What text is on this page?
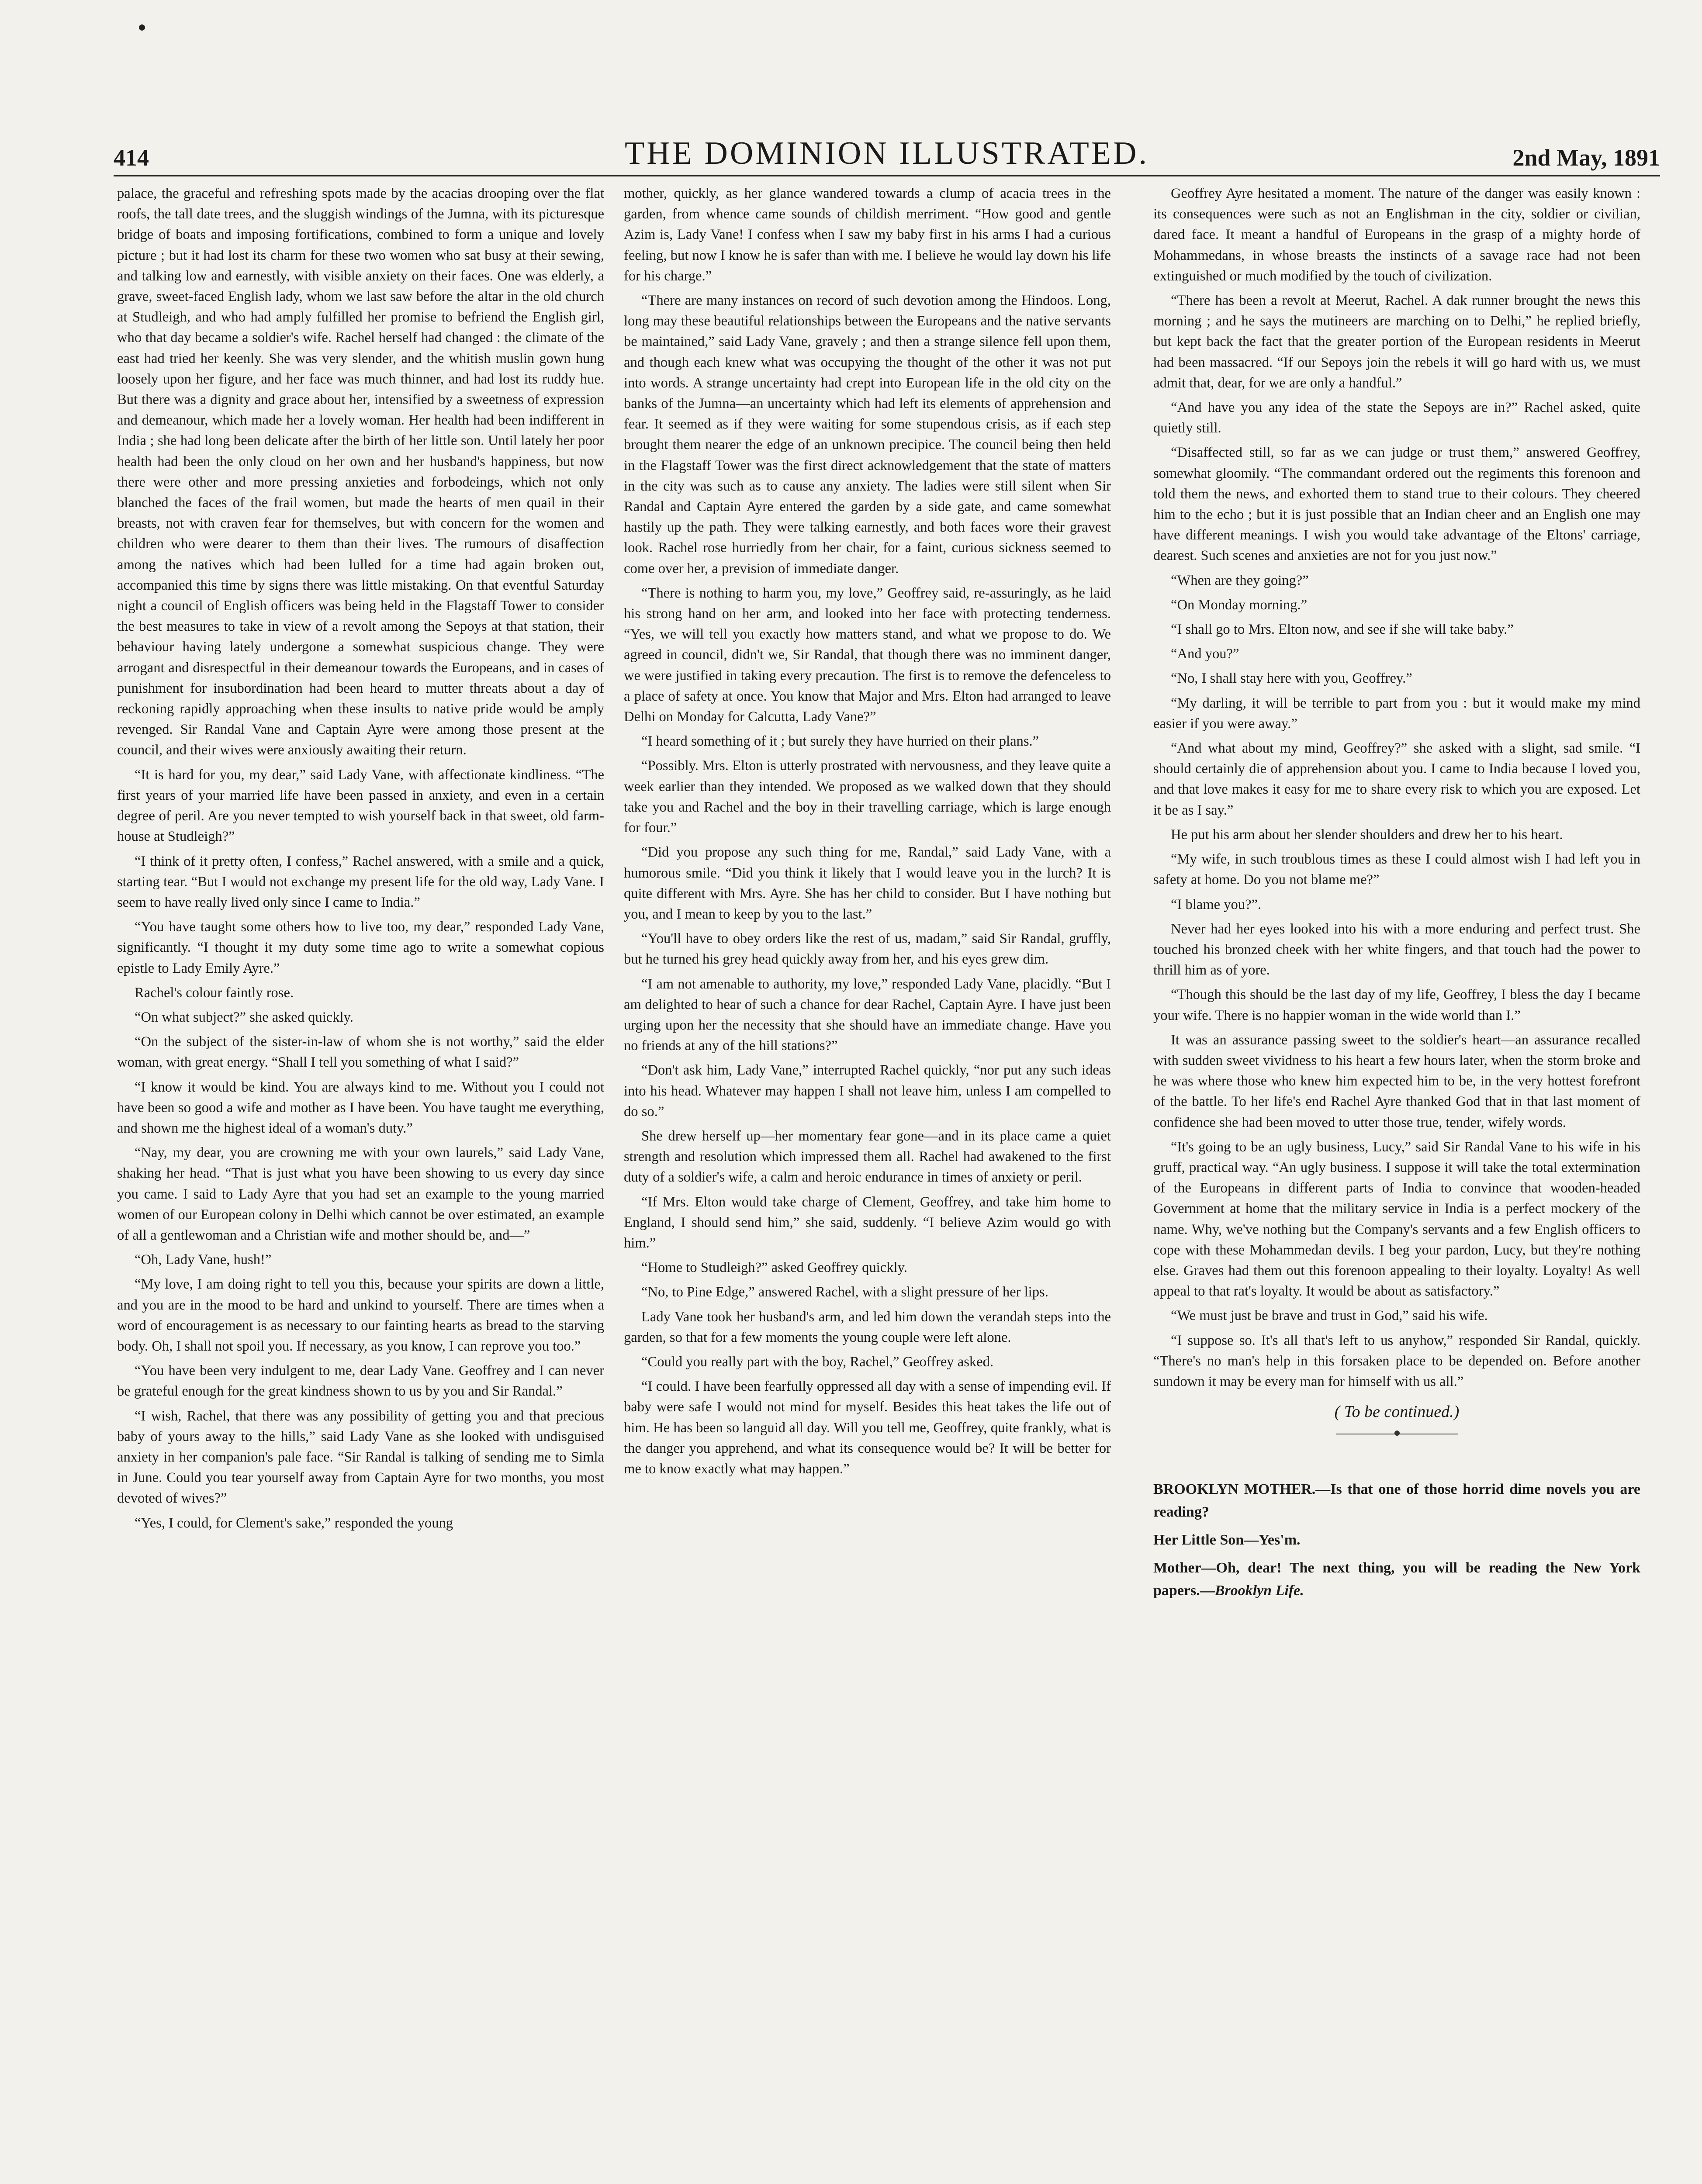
414	THE DOMINION ILLUSTRATED.	2nd May, 1891

palace, the graceful and refreshing spots made by the acacias drooping over the flat roofs, the tall date trees, and the sluggish windings of the Jumna, with its picturesque bridge of boats and imposing fortifications, combined to form a unique and lovely picture ; but it had lost its charm for these two women who sat busy at their sewing, and talking low and earnestly, with visible anxiety on their faces. One was elderly, a grave, sweet-faced English lady, whom we last saw before the altar in the old church at Studleigh, and who had amply fulfilled her promise to befriend the English girl, who that day became a soldier's wife. Rachel herself had changed : the climate of the east had tried her keenly. She was very slender, and the whitish muslin gown hung loosely upon her figure, and her face was much thinner, and had lost its ruddy hue. But there was a dignity and grace about her, intensified by a sweetness of expression and demeanour, which made her a lovely woman. Her health had been indifferent in India ; she had long been delicate after the birth of her little son. Until lately her poor health had been the only cloud on her own and her husband's happiness, but now there were other and more pressing anxieties and forbodeings, which not only blanched the faces of the frail women, but made the hearts of men quail in their breasts, not with craven fear for themselves, but with concern for the women and children who were dearer to them than their lives. The rumours of disaffection among the natives which had been lulled for a time had again broken out, accompanied this time by signs there was little mistaking. On that eventful Saturday night a council of English officers was being held in the Flagstaff Tower to consider the best measures to take in view of a revolt among the Sepoys at that station, their behaviour having lately undergone a somewhat suspicious change. They were arrogant and disrespectful in their demeanour towards the Europeans, and in cases of punishment for insubordination had been heard to mutter threats about a day of reckoning rapidly approaching when these insults to native pride would be amply revenged. Sir Randal Vane and Captain Ayre were among those present at the council, and their wives were anxiously awaiting their return.

“It is hard for you, my dear,” said Lady Vane, with affectionate kindliness. “The first years of your married life have been passed in anxiety, and even in a certain degree of peril. Are you never tempted to wish yourself back in that sweet, old farm-house at Studleigh?”

“I think of it pretty often, I confess,” Rachel answered, with a smile and a quick, starting tear. “But I would not exchange my present life for the old way, Lady Vane. I seem to have really lived only since I came to India.”

“You have taught some others how to live too, my dear,” responded Lady Vane, significantly. “I thought it my duty some time ago to write a somewhat copious epistle to Lady Emily Ayre.”

Rachel's colour faintly rose.

“On what subject?” she asked quickly.

“On the subject of the sister-in-law of whom she is not worthy,” said the elder woman, with great energy. “Shall I tell you something of what I said?”

“I know it would be kind. You are always kind to me. Without you I could not have been so good a wife and mother as I have been. You have taught me everything, and shown me the highest ideal of a woman's duty.”

“Nay, my dear, you are crowning me with your own laurels,” said Lady Vane, shaking her head. “That is just what you have been showing to us every day since you came. I said to Lady Ayre that you had set an example to the young married women of our European colony in Delhi which cannot be over estimated, an example of all a gentlewoman and a Christian wife and mother should be, and—”

“Oh, Lady Vane, hush!”

“My love, I am doing right to tell you this, because your spirits are down a little, and you are in the mood to be hard and unkind to yourself. There are times when a word of encouragement is as necessary to our fainting hearts as bread to the starving body. Oh, I shall not spoil you. If necessary, as you know, I can reprove you too.”

“You have been very indulgent to me, dear Lady Vane. Geoffrey and I can never be grateful enough for the great kindness shown to us by you and Sir Randal.”

“I wish, Rachel, that there was any possibility of getting you and that precious baby of yours away to the hills,” said Lady Vane as she looked with undisguised anxiety in her companion's pale face. “Sir Randal is talking of sending me to Simla in June. Could you tear yourself away from Captain Ayre for two months, you most devoted of wives?”

“Yes, I could, for Clement's sake,” responded the young

mother, quickly, as her glance wandered towards a clump of acacia trees in the garden, from whence came sounds of childish merriment. “How good and gentle Azim is, Lady Vane! I confess when I saw my baby first in his arms I had a curious feeling, but now I know he is safer than with me. I believe he would lay down his life for his charge.”

“There are many instances on record of such devotion among the Hindoos. Long, long may these beautiful relationships between the Europeans and the native servants be maintained,” said Lady Vane, gravely ; and then a strange silence fell upon them, and though each knew what was occupying the thought of the other it was not put into words. A strange uncertainty had crept into European life in the old city on the banks of the Jumna—an uncertainty which had left its elements of apprehension and fear. It seemed as if they were waiting for some stupendous crisis, as if each step brought them nearer the edge of an unknown precipice. The council being then held in the Flagstaff Tower was the first direct acknowledgement that the state of matters in the city was such as to cause any anxiety. The ladies were still silent when Sir Randal and Captain Ayre entered the garden by a side gate, and came somewhat hastily up the path. They were talking earnestly, and both faces wore their gravest look. Rachel rose hurriedly from her chair, for a faint, curious sickness seemed to come over her, a prevision of immediate danger.

“There is nothing to harm you, my love,” Geoffrey said, re-assuringly, as he laid his strong hand on her arm, and looked into her face with protecting tenderness. “Yes, we will tell you exactly how matters stand, and what we propose to do. We agreed in council, didn't we, Sir Randal, that though there was no imminent danger, we were justified in taking every precaution. The first is to remove the defenceless to a place of safety at once. You know that Major and Mrs. Elton had arranged to leave Delhi on Monday for Calcutta, Lady Vane?”

“I heard something of it ; but surely they have hurried on their plans.”

“Possibly. Mrs. Elton is utterly prostrated with nervousness, and they leave quite a week earlier than they intended. We proposed as we walked down that they should take you and Rachel and the boy in their travelling carriage, which is large enough for four.”

“Did you propose any such thing for me, Randal,” said Lady Vane, with a humorous smile. “Did you think it likely that I would leave you in the lurch? It is quite different with Mrs. Ayre. She has her child to consider. But I have nothing but you, and I mean to keep by you to the last.”

“You'll have to obey orders like the rest of us, madam,” said Sir Randal, gruffly, but he turned his grey head quickly away from her, and his eyes grew dim.

“I am not amenable to authority, my love,” responded Lady Vane, placidly. “But I am delighted to hear of such a chance for dear Rachel, Captain Ayre. I have just been urging upon her the necessity that she should have an immediate change. Have you no friends at any of the hill stations?”

“Don't ask him, Lady Vane,” interrupted Rachel quickly, “nor put any such ideas into his head. Whatever may happen I shall not leave him, unless I am compelled to do so.”

She drew herself up—her momentary fear gone—and in its place came a quiet strength and resolution which impressed them all. Rachel had awakened to the first duty of a soldier's wife, a calm and heroic endurance in times of anxiety or peril.

“If Mrs. Elton would take charge of Clement, Geoffrey, and take him home to England, I should send him,” she said, suddenly. “I believe Azim would go with him.”

“Home to Studleigh?” asked Geoffrey quickly.

“No, to Pine Edge,” answered Rachel, with a slight pressure of her lips.

Lady Vane took her husband's arm, and led him down the verandah steps into the garden, so that for a few moments the young couple were left alone.

“Could you really part with the boy, Rachel,” Geoffrey asked.

“I could. I have been fearfully oppressed all day with a sense of impending evil. If baby were safe I would not mind for myself. Besides this heat takes the life out of him. He has been so languid all day. Will you tell me, Geoffrey, quite frankly, what is the danger you apprehend, and what its consequence would be? It will be better for me to know exactly what may happen.”

Geoffrey Ayre hesitated a moment. The nature of the danger was easily known : its consequences were such as not an Englishman in the city, soldier or civilian, dared face. It meant a handful of Europeans in the grasp of a mighty horde of Mohammedans, in whose breasts the instincts of a savage race had not been extinguished or much modified by the touch of civilization.

“There has been a revolt at Meerut, Rachel. A dak runner brought the news this morning ; and he says the mutineers are marching on to Delhi,” he replied briefly, but kept back the fact that the greater portion of the European residents in Meerut had been massacred. “If our Sepoys join the rebels it will go hard with us, we must admit that, dear, for we are only a handful.”

“And have you any idea of the state the Sepoys are in?” Rachel asked, quite quietly still.

“Disaffected still, so far as we can judge or trust them,” answered Geoffrey, somewhat gloomily. “The commandant ordered out the regiments this forenoon and told them the news, and exhorted them to stand true to their colours. They cheered him to the echo ; but it is just possible that an Indian cheer and an English one may have different meanings. I wish you would take advantage of the Eltons' carriage, dearest. Such scenes and anxieties are not for you just now.”

“When are they going?”

“On Monday morning.”

“I shall go to Mrs. Elton now, and see if she will take baby.”

“And you?”

“No, I shall stay here with you, Geoffrey.”

“My darling, it will be terrible to part from you : but it would make my mind easier if you were away.”

“And what about my mind, Geoffrey?” she asked with a slight, sad smile. “I should certainly die of apprehension about you. I came to India because I loved you, and that love makes it easy for me to share every risk to which you are exposed. Let it be as I say.”

He put his arm about her slender shoulders and drew her to his heart.

“My wife, in such troublous times as these I could almost wish I had left you in safety at home. Do you not blame me?”

“I blame you?”.

Never had her eyes looked into his with a more enduring and perfect trust. She touched his bronzed cheek with her white fingers, and that touch had the power to thrill him as of yore.

“Though this should be the last day of my life, Geoffrey, I bless the day I became your wife. There is no happier woman in the wide world than I.”

It was an assurance passing sweet to the soldier's heart—an assurance recalled with sudden sweet vividness to his heart a few hours later, when the storm broke and he was where those who knew him expected him to be, in the very hottest forefront of the battle. To her life's end Rachel Ayre thanked God that in that last moment of confidence she had been moved to utter those true, tender, wifely words.

“It's going to be an ugly business, Lucy,” said Sir Randal Vane to his wife in his gruff, practical way. “An ugly business. I suppose it will take the total extermination of the Europeans in different parts of India to convince that wooden-headed Government at home that the military service in India is a perfect mockery of the name. Why, we've nothing but the Company's servants and a few English officers to cope with these Mohammedan devils. I beg your pardon, Lucy, but they're nothing else. Graves had them out this forenoon appealing to their loyalty. Loyalty! As well appeal to that rat's loyalty. It would be about as satisfactory.”

“We must just be brave and trust in God,” said his wife.

“I suppose so. It's all that's left to us anyhow,” responded Sir Randal, quickly. “There's no man's help in this forsaken place to be depended on. Before another sundown it may be every man for himself with us all.”

( To be continued.)

BROOKLYN MOTHER.—Is that one of those horrid dime novels you are reading?

Her Little Son—Yes'm.

Mother—Oh, dear! The next thing, you will be reading the New York papers.—Brooklyn Life.
